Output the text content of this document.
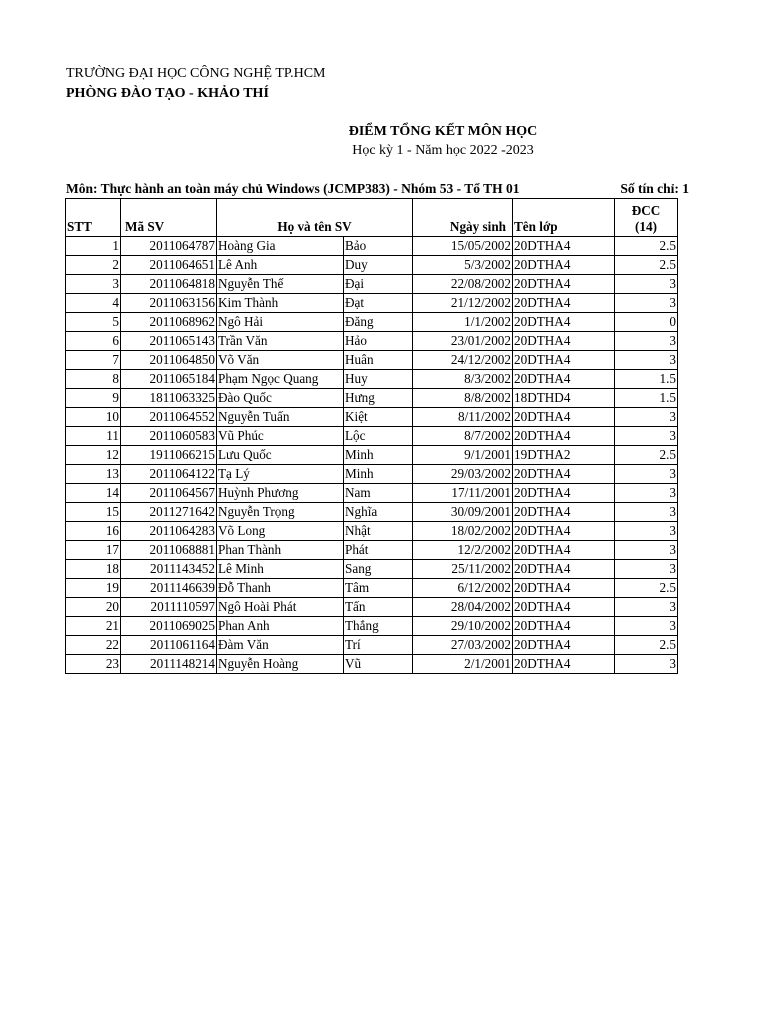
TRƯỜNG ĐẠI HỌC CÔNG NGHỆ TP.HCM
PHÒNG ĐÀO TẠO - KHẢO THÍ
ĐIỂM TỔNG KẾT MÔN HỌC
Học kỳ 1 - Năm học 2022 -2023
Môn: Thực hành an toàn máy chủ Windows (JCMP383) - Nhóm 53 - Tổ TH 01	Số tín chỉ: 1
STT	Mã SV	Họ và tên SV		Ngày sinh	Tên lớp	ĐCC
(14)

1	2011064787	Hoàng Gia	Bảo	15/05/2002	20DTHA4	2.5
2	2011064651	Lê Anh	Duy	5/3/2002	20DTHA4	2.5
3	2011064818	Nguyễn Thế	Đại	22/08/2002	20DTHA4	3
4	2011063156	Kim Thành	Đạt	21/12/2002	20DTHA4	3
5	2011068962	Ngô Hải	Đăng	1/1/2002	20DTHA4	0
6	2011065143	Trần Văn	Hảo	23/01/2002	20DTHA4	3
7	2011064850	Võ Văn	Huân	24/12/2002	20DTHA4	3
8	2011065184	Phạm Ngọc Quang	Huy	8/3/2002	20DTHA4	1.5
9	1811063325	Đào Quốc	Hưng	8/8/2002	18DTHD4	1.5
10	2011064552	Nguyễn Tuấn	Kiệt	8/11/2002	20DTHA4	3
11	2011060583	Vũ Phúc	Lộc	8/7/2002	20DTHA4	3
12	1911066215	Lưu Quốc	Minh	9/1/2001	19DTHA2	2.5
13	2011064122	Tạ Lý	Minh	29/03/2002	20DTHA4	3
14	2011064567	Huỳnh Phương	Nam	17/11/2001	20DTHA4	3
15	2011271642	Nguyễn Trọng	Nghĩa	30/09/2001	20DTHA4	3
16	2011064283	Võ Long	Nhật	18/02/2002	20DTHA4	3
17	2011068881	Phan Thành	Phát	12/2/2002	20DTHA4	3
18	2011143452	Lê Minh	Sang	25/11/2002	20DTHA4	3
19	2011146639	Đỗ Thanh	Tâm	6/12/2002	20DTHA4	2.5
20	2011110597	Ngô Hoài Phát	Tấn	28/04/2002	20DTHA4	3
21	2011069025	Phan Anh	Thắng	29/10/2002	20DTHA4	3
22	2011061164	Đàm Văn	Trí	27/03/2002	20DTHA4	2.5
23	2011148214	Nguyễn Hoàng	Vũ	2/1/2001	20DTHA4	3
